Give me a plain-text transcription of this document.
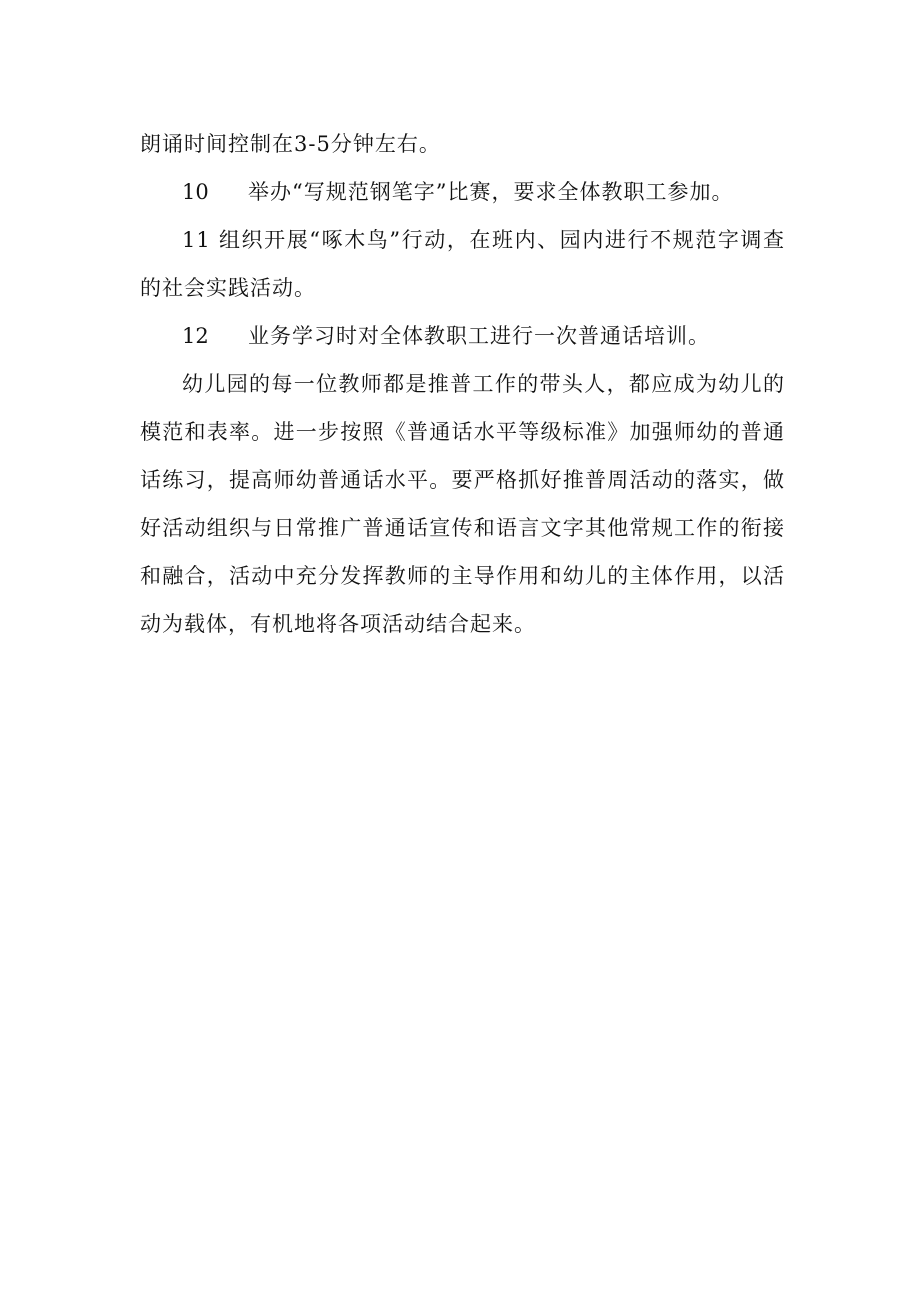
朗诵时间控制在3-5分钟左右。

10 举办“写规范钢笔字”比赛，要求全体教职工参加。

11 组织开展“啄木鸟”行动，在班内、园内进行不规范字调查的社会实践活动。

12 业务学习时对全体教职工进行一次普通话培训。

幼儿园的每一位教师都是推普工作的带头人，都应成为幼儿的模范和表率。进一步按照《普通话水平等级标准》加强师幼的普通话练习，提高师幼普通话水平。要严格抓好推普周活动的落实，做好活动组织与日常推广普通话宣传和语言文字其他常规工作的衔接和融合，活动中充分发挥教师的主导作用和幼儿的主体作用，以活动为载体，有机地将各项活动结合起来。
